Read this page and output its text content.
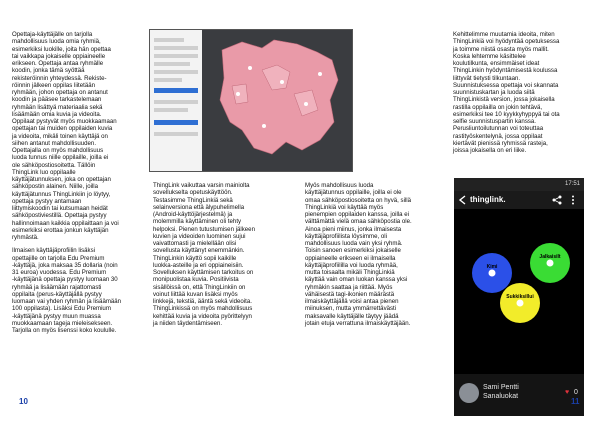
Opettaja-käyttäjälle on tarjolla
mahdollisuus luoda omia ryhmiä,
esimerkiksi luokille, joita hän opettaa
tai vaikkapa jokaiselle oppiaineelle
erikseen. Opettaja antaa ryhmälle
koodin, jonka tämä syöttää
rekisteröinnin yhteydessä. Rekiste-
röinnin jälkeen oppilas liitetään
ryhmään, johon opettaja on antanut
koodin ja pääsee tarkastelemaan
ryhmään lisättyä materiaalia sekä
lisäämään omia kuvia ja videoita.
Oppilaat pystyvät myös muokkaamaan
opettajan tai muiden oppilaiden kuvia
ja videoita, mikäli toinen käyttäjä on
siihen antanut mahdollisuuden.
Opettajalla on myös mahdollisuus
luoda tunnus niille oppilaille, joilla ei
ole sähköpostiosoitetta. Tällöin
ThingLink luo oppilaalle
käyttäjätunnuksen, joka on opettajan
sähköpostin alainen. Niille, joilla
käyttäjätunnus ThingLinkiin jo löytyy,
opettaja pystyy antamaan
liittymiskoodin tai kutsumaan heidät
sähköpostiviestillä. Opettaja pystyy
hallinnoimaan kaikkia oppilaittaan ja voi
esimerkiksi erottaa jonkun käyttäjän
ryhmästä.

Ilmaisen käyttäjäprofiilin lisäksi
opettajille on tarjolla Edu Premium
-käyttäjä, joka maksaa 35 dollaria (noin
31 euroa) vuodessa. Edu Premium
-käyttäjänä opettaja pystyy luomaan 30
ryhmää ja lisäämään rajattomasti
oppilaita (perus-käyttäjällä pystyy
luomaan vai yhden ryhmän ja lisäämään
100 oppilasta). Lisäksi Edu Premium
-käyttäjänä pystyy muun muassa
muokkaamaan tageja mieleisekseen.
Tarjolla on myös lisenssi koko koululle.

ThingLink vaikuttaa varsin mainiolta
sovellukselta opetuskäyttöön.
Testasimme ThingLinkiä sekä
selainversiona että älypuhelimella
(Android-käyttöjärjestelmä) ja
molemmilla käyttäminen oli tehty
helpoksi. Pienen tutustumisen jälkeen
kuvien ja videoiden luominen sujui
vaivattomasti ja mielellään olisi
sovellusta käyttänyt enemmänkin.
ThingLinkin käyttö sopii kaikille
luokka-asteille ja eri oppiaineisiin.
Sovelluksen käyttämisen tarkoitus on
monipuolistaa kuvia. Positiivista
sisällöissä on, että ThingLinkiin on
voinut liittää kuvan lisäksi myös
linkkejä, tekstiä, ääntä sekä videoita.
ThingLinkissä on myös mahdollisuus
kehittää kuvia ja videoita pyörittelyyn
ja niiden täydentämiseen.

Myös mahdollisuus luoda
käyttäjätunnus oppilaille, joilla ei ole
omaa sähköpostiosoitetta on hyvä, sillä
ThingLinkiä voi käyttää myös
pienempien oppilaiden kanssa, joilla ei
välttämättä vielä omaa sähköpostia ole.
Ainoa pieni miinus, jonka ilmaisesta
käyttäjäprofiilista löysimme, oli
mahdollisuus luoda vain yksi ryhmä.
Toisin sanoen esimerkiksi jokaiselle
oppiaineelle erikseen ei ilmaisella
käyttäjäprofiililla voi luoda ryhmää,
mutta toisaalta mikäli ThingLinkiä
käyttää vain oman luokan kanssa yksi
ryhmäkin saattaa ja riittää. Myös
vähäisestä tagi-ikonien määrästä
ilmaiskäyttäjällä voisi antaa pienen
miinuksen, mutta ymmärrettävästi
maksavalle käyttäjälle täytyy jäädä
jotain etuja verrattuna ilmaiskäyttäjään.

Kehittelimme muutamia ideoita, miten
ThingLinkiä voi hyödyntää opetuksessa
ja toimme niistä osasta myös mallit.
Koska lehtemme käsittelee
koulutilkunta, ensimmäiset ideat
ThingLinkin hyödyntämisestä koulussa
liittyvät tietysti tilkuntaan.
Suunnistuksessa opettaja voi skannata
suunnistuskartan ja luoda siitä
ThingLinkistä version, jossa jokaisella
rastilla oppilailla on jokin tehtävä,
esimerkiksi tee 10 kyykkyhyppyä tai ota
selfie suunnistuspartin kanssa.
Perusliuntoilutunnan voi toteuttaa
rastityöskentelynä, jossa oppilaat
kiertävät pienissä ryhmissä rasteja,
joissa jokaisella on eri liike.

17:51
thinglink.
Kimi
Jalkaisilt
Sukkiksillui
Sami Pentti
Sanaluokat
♥ 0
10	11
